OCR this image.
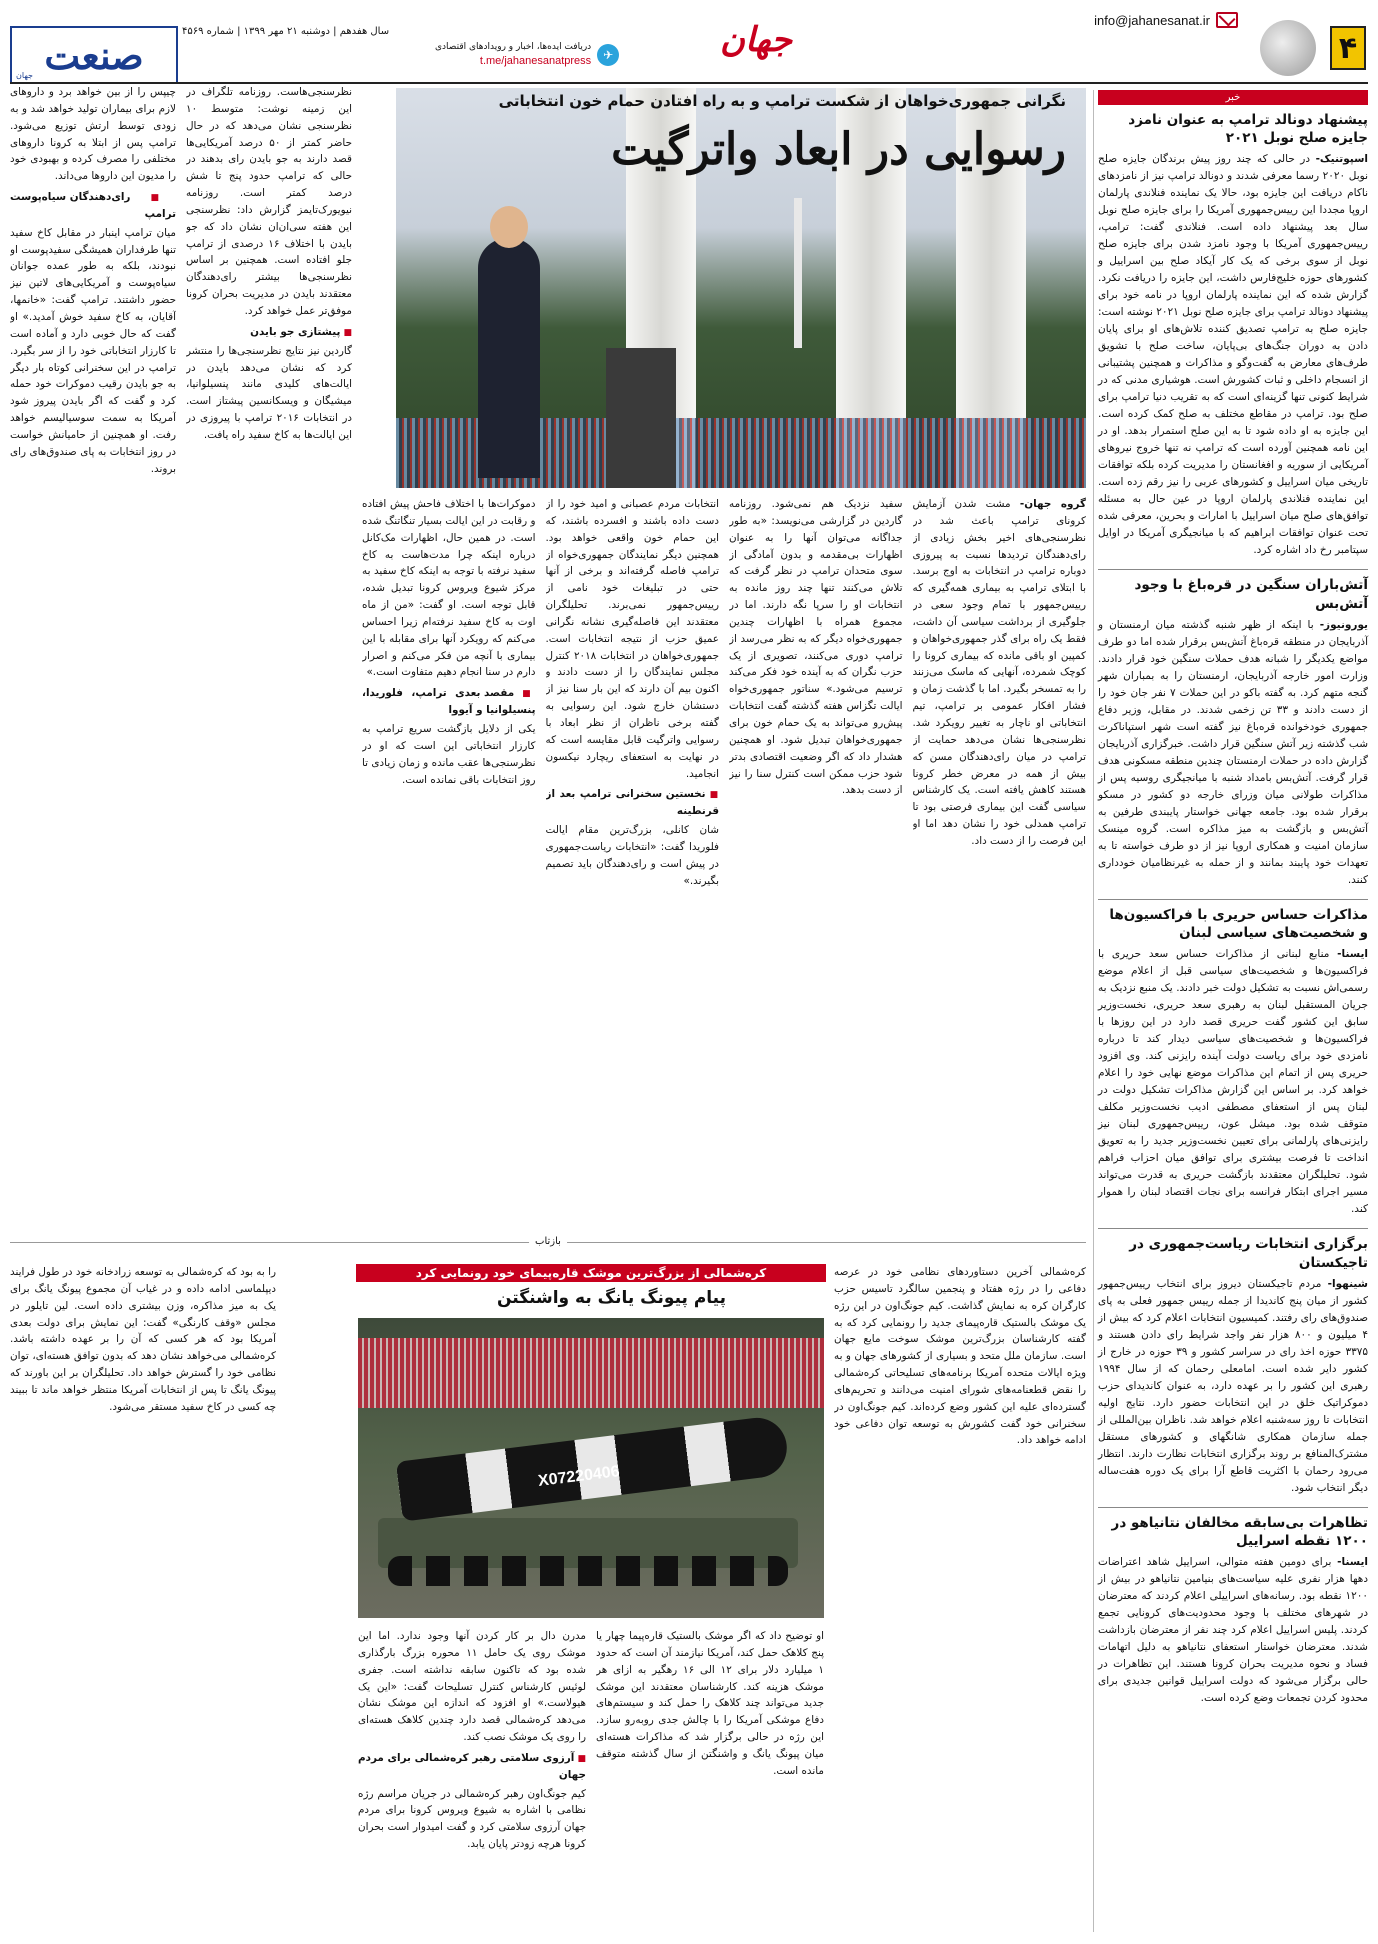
۴
info@jahanesanat.ir
جهان
✈
دریافت ایده‌ها، اخبار و رویدادهای اقتصادی
t.me/jahanesanatpress
صنعت
جهان
سال هفدهم | دوشنبه ۲۱ مهر ۱۳۹۹ | شماره ۴۵۶۹
خبر
پیشنهاد دونالد ترامپ به عنوان نامزد جایزه صلح نوبل ۲۰۲۱

اسپوتنیک- در حالی که چند روز پیش برندگان جایزه صلح نوبل ۲۰۲۰ رسما معرفی شدند و دونالد ترامپ نیز از نامزدهای ناکام دریافت این جایزه بود، حالا یک نماینده فنلاندی پارلمان اروپا مجددا این رییس‌جمهوری آمریکا را برای جایزه صلح نوبل سال بعد پیشنهاد داده است. فنلاندی گفت: ترامپ، رییس‌جمهوری آمریکا با وجود نامزد شدن برای جایزه صلح نوبل از سوی برخی که یک کار آیکاد صلح بین اسراییل و کشورهای حوزه خلیج‌فارس داشت، این جایزه را دریافت نکرد. گزارش شده که این نماینده پارلمان اروپا در نامه خود برای پیشنهاد دونالد ترامپ برای جایزه صلح نوبل ۲۰۲۱ نوشته است: جایزه صلح به ترامپ تصدیق کننده تلاش‌های او برای پایان دادن به دوران جنگ‌های بی‌پایان، ساخت صلح با تشویق طرف‌های معارض به گفت‌وگو و مذاکرات و همچنین پشتیبانی از انسجام داخلی و ثبات کشورش است. هوشیاری مدنی که در شرایط کنونی تنها گزینه‌ای است که به تقریب دنیا ترامپ برای صلح بود. ترامپ در مقاطع مختلف به صلح کمک کرده است. این جایزه به او داده شود تا به این صلح استمرار بدهد. او در این نامه همچنین آورده است که ترامپ نه تنها خروج نیروهای آمریکایی از سوریه و افغانستان را مدیریت کرده بلکه توافقات تاریخی میان اسراییل و کشورهای عربی را نیز رقم زده است. این نماینده فنلاندی پارلمان اروپا در عین حال به مسئله توافق‌های صلح میان اسراییل با امارات و بحرین، معرفی شده تحت عنوان توافقات ابراهیم که با میانجیگری آمریکا در اوایل سپتامبر رخ داد اشاره کرد.

آتش‌باران سنگین در قره‌باغ با وجود آتش‌بس

یورونیوز- با اینکه از ظهر شنبه گذشته میان ارمنستان و آذربایجان در منطقه قره‌باغ آتش‌بس برقرار شده اما دو طرف مواضع یکدیگر را شبانه هدف حملات سنگین خود قرار دادند. وزارت امور خارجه آذربایجان، ارمنستان را به بمباران شهر گنجه متهم کرد. به گفته باکو در این حملات ۷ نفر جان خود را از دست دادند و ۳۳ تن زخمی شدند. در مقابل، وزیر دفاع جمهوری خودخوانده قره‌باغ نیز گفته است شهر استپاناکرت شب گذشته زیر آتش سنگین قرار داشت. خبرگزاری آذربایجان گزارش داده در حملات ارمنستان چندین منطقه مسکونی هدف قرار گرفت. آتش‌بس بامداد شنبه با میانجیگری روسیه پس از مذاکرات طولانی میان وزرای خارجه دو کشور در مسکو برقرار شده بود. جامعه جهانی خواستار پایبندی طرفین به آتش‌بس و بازگشت به میز مذاکره است. گروه مینسک سازمان امنیت و همکاری اروپا نیز از دو طرف خواسته تا به تعهدات خود پایبند بمانند و از حمله به غیرنظامیان خودداری کنند.

مذاکرات حساس حریری با فراکسیون‌ها و شخصیت‌های سیاسی لبنان

ایسنا- منابع لبنانی از مذاکرات حساس سعد حریری با فراکسیون‌ها و شخصیت‌های سیاسی قبل از اعلام موضع رسمی‌اش نسبت به تشکیل دولت خبر دادند. یک منبع نزدیک به جریان المستقبل لبنان به رهبری سعد حریری، نخست‌وزیر سابق این کشور گفت حریری قصد دارد در این روزها با فراکسیون‌ها و شخصیت‌های سیاسی دیدار کند تا درباره نامزدی خود برای ریاست دولت آینده رایزنی کند. وی افزود حریری پس از اتمام این مذاکرات موضع نهایی خود را اعلام خواهد کرد. بر اساس این گزارش مذاکرات تشکیل دولت در لبنان پس از استعفای مصطفی ادیب نخست‌وزیر مکلف متوقف شده بود. میشل عون، رییس‌جمهوری لبنان نیز رایزنی‌های پارلمانی برای تعیین نخست‌وزیر جدید را به تعویق انداخت تا فرصت بیشتری برای توافق میان احزاب فراهم شود. تحلیلگران معتقدند بازگشت حریری به قدرت می‌تواند مسیر اجرای ابتکار فرانسه برای نجات اقتصاد لبنان را هموار کند.

برگزاری انتخابات ریاست‌جمهوری در تاجیکستان

شینهوا- مردم تاجیکستان دیروز برای انتخاب رییس‌جمهور کشور از میان پنج کاندیدا از جمله رییس جمهور فعلی به پای صندوق‌های رای رفتند. کمیسیون انتخابات اعلام کرد که بیش از ۴ میلیون و ۸۰۰ هزار نفر واجد شرایط رای دادن هستند و ۳۳۷۵ حوزه اخذ رای در سراسر کشور و ۳۹ حوزه در خارج از کشور دایر شده است. امامعلی رحمان که از سال ۱۹۹۴ رهبری این کشور را بر عهده دارد، به عنوان کاندیدای حزب دموکراتیک خلق در این انتخابات حضور دارد. نتایج اولیه انتخابات تا روز سه‌شنبه اعلام خواهد شد. ناظران بین‌المللی از جمله سازمان همکاری شانگهای و کشورهای مستقل مشترک‌المنافع بر روند برگزاری انتخابات نظارت دارند. انتظار می‌رود رحمان با اکثریت قاطع آرا برای یک دوره هفت‌ساله دیگر انتخاب شود.

تظاهرات بی‌سابقه مخالفان نتانیاهو در ۱۲۰۰ نقطه اسراییل

ایسنا- برای دومین هفته متوالی، اسراییل شاهد اعتراضات دهها هزار نفری علیه سیاست‌های بنیامین نتانیاهو در بیش از ۱۲۰۰ نقطه بود. رسانه‌های اسراییلی اعلام کردند که معترضان در شهرهای مختلف با وجود محدودیت‌های کرونایی تجمع کردند. پلیس اسراییل اعلام کرد چند نفر از معترضان بازداشت شدند. معترضان خواستار استعفای نتانیاهو به دلیل اتهامات فساد و نحوه مدیریت بحران کرونا هستند. این تظاهرات در حالی برگزار می‌شود که دولت اسراییل قوانین جدیدی برای محدود کردن تجمعات وضع کرده است.

نظرسنجی‌هاست. روزنامه تلگراف در این زمینه نوشت: متوسط ۱۰ نظرسنجی نشان می‌دهد که در حال حاضر کمتر از ۵۰ درصد آمریکایی‌ها قصد دارند به جو بایدن رای بدهند در حالی که ترامپ حدود پنج تا شش درصد کمتر است. روزنامه نیویورک‌تایمز گزارش داد: نظرسنجی این هفته سی‌ان‌ان نشان داد که جو بایدن با اختلاف ۱۶ درصدی از ترامپ جلو افتاده است. همچنین بر اساس نظرسنجی‌ها بیشتر رای‌دهندگان معتقدند بایدن در مدیریت بحران کرونا موفق‌تر عمل خواهد کرد.
■ پیشتازی جو بایدن
گاردین نیز نتایج نظرسنجی‌ها را منتشر کرد که نشان می‌دهد بایدن در ایالت‌های کلیدی مانند پنسیلوانیا، میشیگان و ویسکانسین پیشتاز است. در انتخابات ۲۰۱۶ ترامپ با پیروزی در این ایالت‌ها به کاخ سفید راه یافت.
چیپس را از بین خواهد برد و داروهای لازم برای بیماران تولید خواهد شد و به زودی توسط ارتش توزیع می‌شود. ترامپ پس از ابتلا به کرونا داروهای مختلفی را مصرف کرده و بهبودی خود را مدیون این داروها می‌داند.
■ رای‌دهندگان سیاه‌پوست ترامپ
میان ترامپ اینبار در مقابل کاخ سفید تنها طرفداران همیشگی سفیدپوست او نبودند، بلکه به طور عمده جوانان سیاه‌پوست و آمریکایی‌های لاتین نیز حضور داشتند. ترامپ گفت: «خانمها، آقایان، به کاخ سفید خوش آمدید.» او گفت که حال خوبی دارد و آماده است تا کارزار انتخاباتی خود را از سر بگیرد. ترامپ در این سخنرانی کوتاه بار دیگر به جو بایدن رقیب دموکرات خود حمله کرد و گفت که اگر بایدن پیروز شود آمریکا به سمت سوسیالیسم خواهد رفت. او همچنین از حامیانش خواست در روز انتخابات به پای صندوق‌های رای بروند.
نگرانی جمهوری‌خواهان از شکست ترامپ و به راه افتادن حمام خون انتخاباتی
رسوایی در ابعاد واترگیت
گروه جهان- مشت شدن آزمایش کرونای ترامپ باعث شد در نظرسنجی‌های اخیر بخش زیادی از رای‌دهندگان تردیدها نسبت به پیروزی دوباره ترامپ در انتخابات به اوج برسد. با ابتلای ترامپ به بیماری همه‌گیری که رییس‌جمهور با تمام وجود سعی در جلوگیری از برداشت سیاسی آن داشت، فقط یک راه برای گذر جمهوری‌خواهان و کمپین او باقی مانده که بیماری کرونا را کوچک شمرده، آنهایی که ماسک می‌زنند را به تمسخر بگیرد. اما با گذشت زمان و فشار افکار عمومی بر ترامپ، تیم انتخاباتی او ناچار به تغییر رویکرد شد. نظرسنجی‌ها نشان می‌دهد حمایت از ترامپ در میان رای‌دهندگان مسن که بیش از همه در معرض خطر کرونا هستند کاهش یافته است. یک کارشناس سیاسی گفت این بیماری فرصتی بود تا ترامپ همدلی خود را نشان دهد اما او این فرصت را از دست داد.
سفید نزدیک هم نمی‌شود. روزنامه گاردین در گزارشی می‌نویسد: «به طور جداگانه می‌توان آنها را به عنوان اظهارات بی‌مقدمه و بدون آمادگی از سوی متحدان ترامپ در نظر گرفت که تلاش می‌کنند تنها چند روز مانده به انتخابات او را سرپا نگه دارند. اما در مجموع همراه با اظهارات چندین جمهوری‌خواه دیگر که به نظر می‌رسد از ترامپ دوری می‌کنند، تصویری از یک حزب نگران که به آینده خود فکر می‌کند ترسیم می‌شود.» سناتور جمهوری‌خواه ایالت تگزاس هفته گذشته گفت انتخابات پیش‌رو می‌تواند به یک حمام خون برای جمهوری‌خواهان تبدیل شود. او همچنین هشدار داد که اگر وضعیت اقتصادی بدتر شود حزب ممکن است کنترل سنا را نیز از دست بدهد.
انتخابات مردم عصبانی و امید خود را از دست داده باشند و افسرده باشند، که این حمام خون واقعی خواهد بود. همچنین دیگر نمایندگان جمهوری‌خواه از ترامپ فاصله گرفته‌اند و برخی از آنها حتی در تبلیغات خود نامی از رییس‌جمهور نمی‌برند. تحلیلگران معتقدند این فاصله‌گیری نشانه نگرانی عمیق حزب از نتیجه انتخابات است. جمهوری‌خواهان در انتخابات ۲۰۱۸ کنترل مجلس نمایندگان را از دست دادند و اکنون بیم آن دارند که این بار سنا نیز از دستشان خارج شود. این رسوایی به گفته برخی ناظران از نظر ابعاد با رسوایی واترگیت قابل مقایسه است که در نهایت به استعفای ریچارد نیکسون انجامید.
■ نخستین سخنرانی ترامپ بعد از قرنطینه
شان کانلی، بزرگ‌ترین مقام ایالت فلوریدا گفت: «انتخابات ریاست‌جمهوری در پیش است و رای‌دهندگان باید تصمیم بگیرند.»
دموکرات‌ها با اختلاف فاحش پیش افتاده و رقابت در این ایالت بسیار تنگاتنگ شده است. در همین حال، اظهارات مک‌کانل درباره اینکه چرا مدت‌هاست به کاخ سفید نرفته با توجه به اینکه کاخ سفید به مرکز شیوع ویروس کرونا تبدیل شده، قابل توجه است. او گفت: «من از ماه اوت به کاخ سفید نرفته‌ام زیرا احساس می‌کنم که رویکرد آنها برای مقابله با این بیماری با آنچه من فکر می‌کنم و اصرار دارم در سنا انجام دهیم متفاوت است.»
■ مقصد بعدی ترامپ، فلوریدا، پنسیلوانیا و آیووا
یکی از دلایل بازگشت سریع ترامپ به کارزار انتخاباتی این است که او در نظرسنجی‌ها عقب مانده و زمان زیادی تا روز انتخابات باقی نمانده است.
بازتاب
کره‌شمالی از بزرگ‌ترین موشک قاره‌پیمای خود رونمایی کرد
پیام پیونگ یانگ به واشنگتن
X07220406
کره‌شمالی آخرین دستاوردهای نظامی خود در عرصه دفاعی را در رژه هفتاد و پنجمین سالگرد تاسیس حزب کارگران کره به نمایش گذاشت. کیم جونگ‌اون در این رژه یک موشک بالستیک قاره‌پیمای جدید را رونمایی کرد که به گفته کارشناسان بزرگ‌ترین موشک سوخت مایع جهان است. سازمان ملل متحد و بسیاری از کشورهای جهان و به ویژه ایالات متحده آمریکا برنامه‌های تسلیحاتی کره‌شمالی را نقض قطعنامه‌های شورای امنیت می‌دانند و تحریم‌های گسترده‌ای علیه این کشور وضع کرده‌اند. کیم جونگ‌اون در سخنرانی خود گفت کشورش به توسعه توان دفاعی خود ادامه خواهد داد.
او توضیح داد که اگر موشک بالستیک قاره‌پیما چهار یا پنج کلاهک حمل کند، آمریکا نیازمند آن است که حدود ۱ میلیارد دلار برای ۱۲ الی ۱۶ رهگیر به ازای هر موشک هزینه کند. کارشناسان معتقدند این موشک جدید می‌تواند چند کلاهک را حمل کند و سیستم‌های دفاع موشکی آمریکا را با چالش جدی روبه‌رو سازد. این رژه در حالی برگزار شد که مذاکرات هسته‌ای میان پیونگ یانگ و واشنگتن از سال گذشته متوقف مانده است.
مدرن دال بر کار کردن آنها وجود ندارد. اما این موشک روی یک حامل ۱۱ محوره بزرگ بارگذاری شده بود که تاکنون سابقه نداشته است. جفری لوئیس کارشناس کنترل تسلیحات گفت: «این یک هیولاست.» او افزود که اندازه این موشک نشان می‌دهد کره‌شمالی قصد دارد چندین کلاهک هسته‌ای را روی یک موشک نصب کند.
■ آرزوی سلامتی رهبر کره‌شمالی برای مردم جهان
کیم جونگ‌اون رهبر کره‌شمالی در جریان مراسم رژه نظامی با اشاره به شیوع ویروس کرونا برای مردم جهان آرزوی سلامتی کرد و گفت امیدوار است بحران کرونا هرچه زودتر پایان یابد.
را به بود که کره‌شمالی به توسعه زرادخانه خود در طول فرایند دیپلماسی ادامه داده و در غیاب آن مجموع پیونگ یانگ برای یک به میز مذاکره، وزن بیشتری داده است. لین تایلور در مجلس «وقف کارنگی» گفت: این نمایش برای دولت بعدی آمریکا بود که هر کسی که آن را بر عهده داشته باشد. کره‌شمالی می‌خواهد نشان دهد که بدون توافق هسته‌ای، توان نظامی خود را گسترش خواهد داد. تحلیلگران بر این باورند که پیونگ یانگ تا پس از انتخابات آمریکا منتظر خواهد ماند تا ببیند چه کسی در کاخ سفید مستقر می‌شود.
